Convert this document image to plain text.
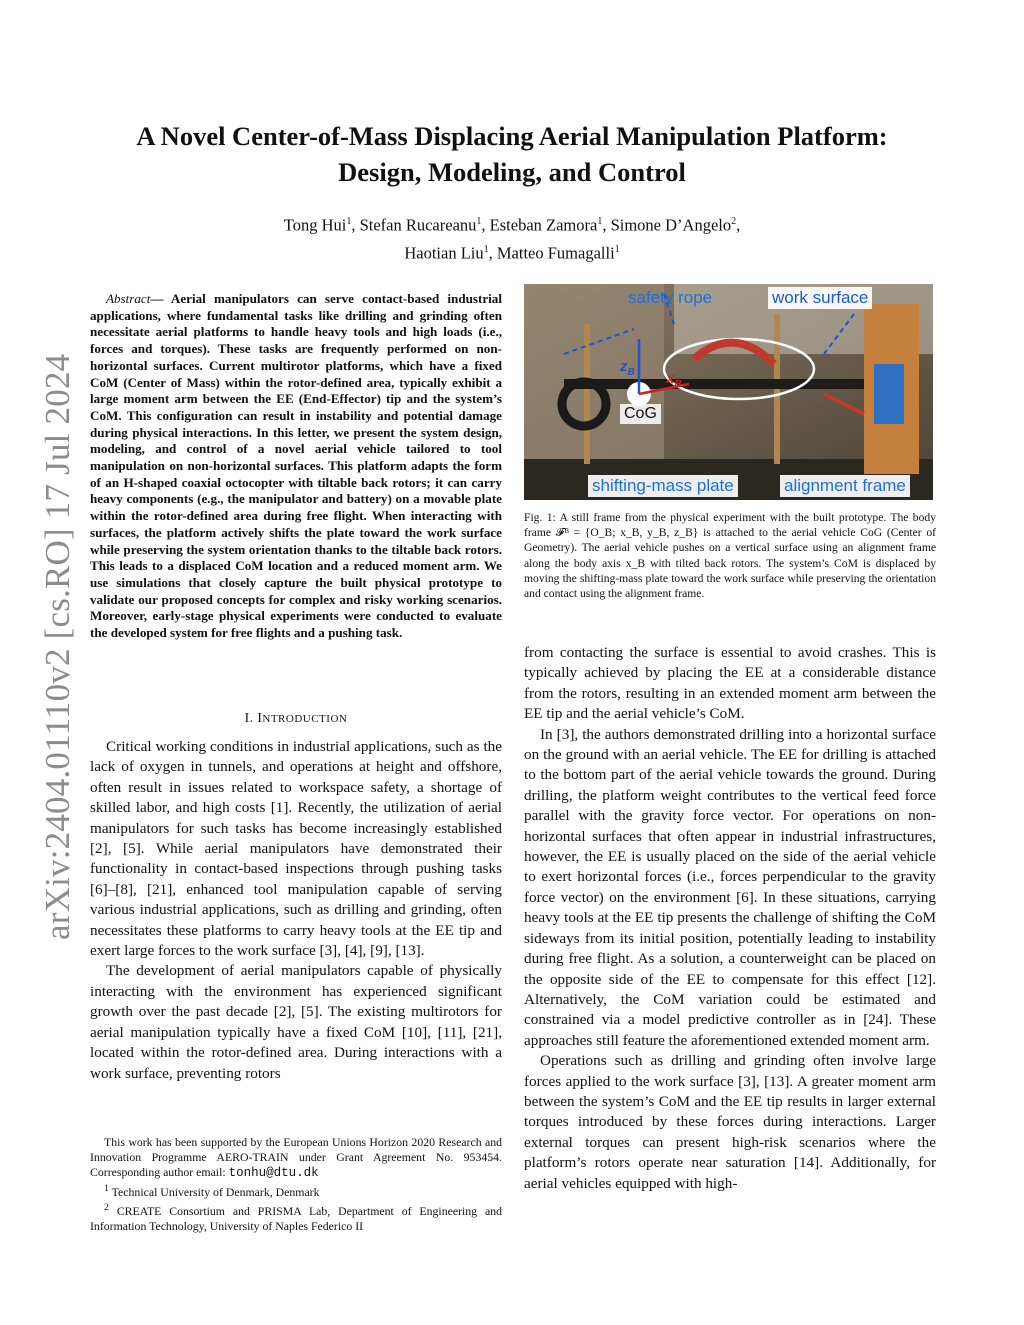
arXiv:2404.01110v2 [cs.RO] 17 Jul 2024
A Novel Center-of-Mass Displacing Aerial Manipulation Platform:
Design, Modeling, and Control
Tong Hui$^1$, Stefan Rucareanu$^1$, Esteban Zamora$^1$, Simone D’Angelo$^2$,
Haotian Liu$^1$, Matteo Fumagalli$^1$
Abstract— Aerial manipulators can serve contact-based industrial applications, where fundamental tasks like drilling and grinding often necessitate aerial platforms to handle heavy tools and high loads (i.e., forces and torques). These tasks are frequently performed on non-horizontal surfaces. Current multirotor platforms, which have a fixed CoM (Center of Mass) within the rotor-defined area, typically exhibit a large moment arm between the EE (End-Effector) tip and the system’s CoM. This configuration can result in instability and potential damage during physical interactions. In this letter, we present the system design, modeling, and control of a novel aerial vehicle tailored to tool manipulation on non-horizontal surfaces. This platform adapts the form of an H-shaped coaxial octocopter with tiltable back rotors; it can carry heavy components (e.g., the manipulator and battery) on a movable plate within the rotor-defined area during free flight. When interacting with surfaces, the platform actively shifts the plate toward the work surface while preserving the system orientation thanks to the tiltable back rotors. This leads to a displaced CoM location and a reduced moment arm. We use simulations that closely capture the built physical prototype to validate our proposed concepts for complex and risky working scenarios. Moreover, early-stage physical experiments were conducted to evaluate the developed system for free flights and a pushing task.
I. INTRODUCTION

Critical working conditions in industrial applications, such as the lack of oxygen in tunnels, and operations at height and offshore, often result in issues related to workspace safety, a shortage of skilled labor, and high costs [1]. Recently, the utilization of aerial manipulators for such tasks has become increasingly established [2], [5]. While aerial manipulators have demonstrated their functionality in contact-based inspections through pushing tasks [6]–[8], [21], enhanced tool manipulation capable of serving various industrial applications, such as drilling and grinding, often necessitates these platforms to carry heavy tools at the EE tip and exert large forces to the work surface [3], [4], [9], [13].

The development of aerial manipulators capable of physically interacting with the environment has experienced significant growth over the past decade [2], [5]. The existing multirotors for aerial manipulation typically have a fixed CoM [10], [11], [21], located within the rotor-defined area. During interactions with a work surface, preventing rotors

This work has been supported by the European Unions Horizon 2020 Research and Innovation Programme AERO-TRAIN under Grant Agreement No. 953454. Corresponding author email: tonhu@dtu.dk

$^1$ Technical University of Denmark, Denmark

$^2$ CREATE Consortium and PRISMA Lab, Department of Engineering and Information Technology, University of Naples Federico II

safety rope	work surface
CoG
$z_B$ $x_B$
shifting-mass plate	alignment frame
Fig. 1: A still frame from the physical experiment with the built prototype. The body frame 𝓕ᴮ = {O_B; x_B, y_B, z_B} is attached to the aerial vehicle CoG (Center of Geometry). The aerial vehicle pushes on a vertical surface using an alignment frame along the body axis x_B with tilted back rotors. The system’s CoM is displaced by moving the shifting-mass plate toward the work surface while preserving the orientation and contact using the alignment frame.

from contacting the surface is essential to avoid crashes. This is typically achieved by placing the EE at a considerable distance from the rotors, resulting in an extended moment arm between the EE tip and the aerial vehicle’s CoM.

In [3], the authors demonstrated drilling into a horizontal surface on the ground with an aerial vehicle. The EE for drilling is attached to the bottom part of the aerial vehicle towards the ground. During drilling, the platform weight contributes to the vertical feed force parallel with the gravity force vector. For operations on non-horizontal surfaces that often appear in industrial infrastructures, however, the EE is usually placed on the side of the aerial vehicle to exert horizontal forces (i.e., forces perpendicular to the gravity force vector) on the environment [6]. In these situations, carrying heavy tools at the EE tip presents the challenge of shifting the CoM sideways from its initial position, potentially leading to instability during free flight. As a solution, a counterweight can be placed on the opposite side of the EE to compensate for this effect [12]. Alternatively, the CoM variation could be estimated and constrained via a model predictive controller as in [24]. These approaches still feature the aforementioned extended moment arm.

Operations such as drilling and grinding often involve large forces applied to the work surface [3], [13]. A greater moment arm between the system’s CoM and the EE tip results in larger external torques introduced by these forces during interactions. Larger external torques can present high-risk scenarios where the platform’s rotors operate near saturation [14]. Additionally, for aerial vehicles equipped with high-
